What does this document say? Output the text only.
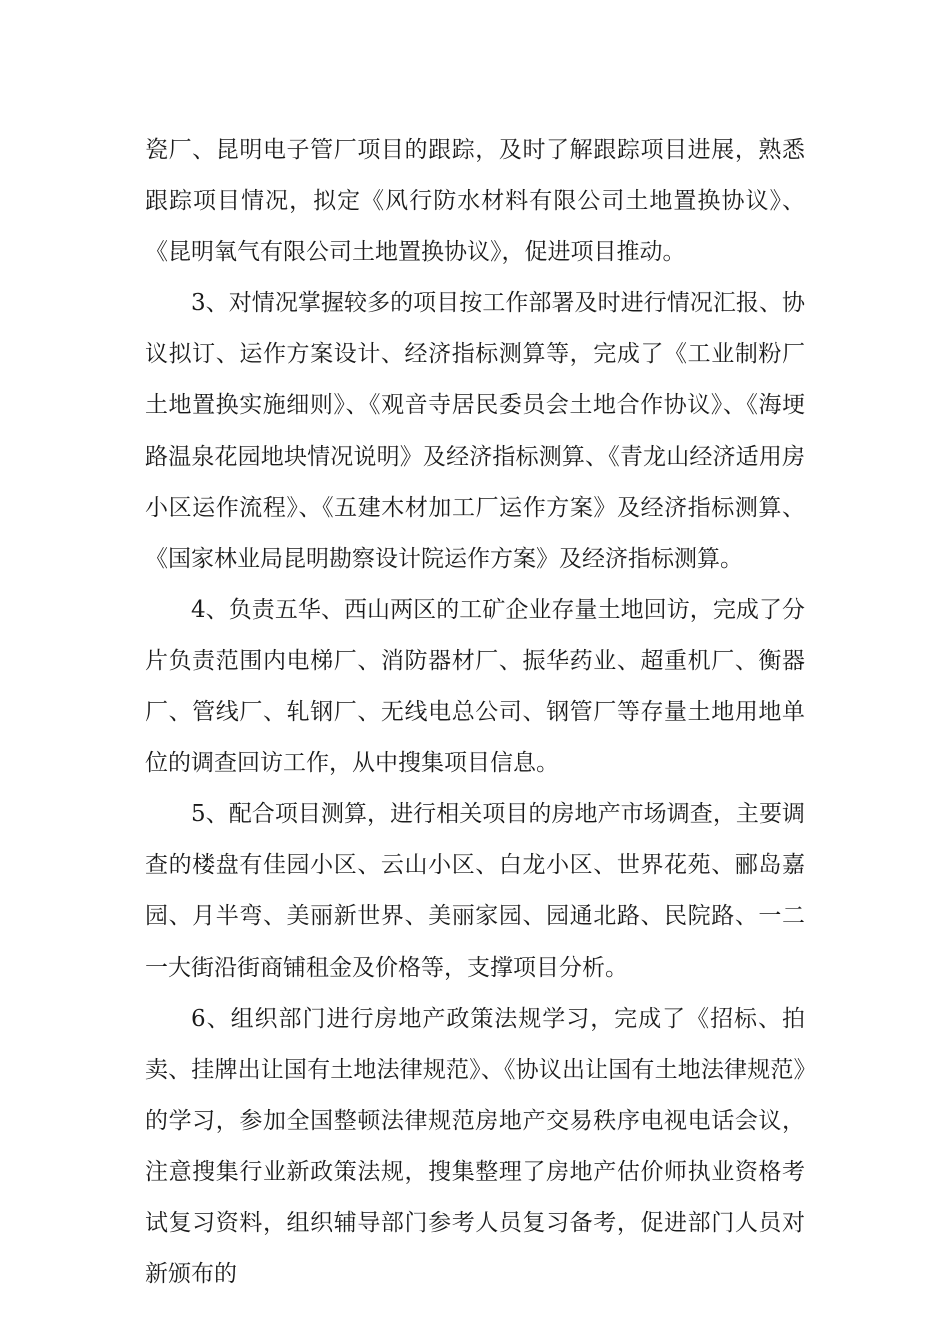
瓷厂、昆明电子管厂项目的跟踪，及时了解跟踪项目进展，熟悉跟踪项目情况，拟定《风行防水材料有限公司土地置换协议》、《昆明氧气有限公司土地置换协议》，促进项目推动。

3、对情况掌握较多的项目按工作部署及时进行情况汇报、协议拟订、运作方案设计、经济指标测算等，完成了《工业制粉厂土地置换实施细则》、《观音寺居民委员会土地合作协议》、《海埂路温泉花园地块情况说明》及经济指标测算、《青龙山经济适用房小区运作流程》、《五建木材加工厂运作方案》及经济指标测算、《国家林业局昆明勘察设计院运作方案》及经济指标测算。

4、负责五华、西山两区的工矿企业存量土地回访，完成了分片负责范围内电梯厂、消防器材厂、振华药业、超重机厂、衡器厂、管线厂、轧钢厂、无线电总公司、钢管厂等存量土地用地单位的调查回访工作，从中搜集项目信息。

5、配合项目测算，进行相关项目的房地产市场调查，主要调查的楼盘有佳园小区、云山小区、白龙小区、世界花苑、郦岛嘉园、月半弯、美丽新世界、美丽家园、园通北路、民院路、一二一大街沿街商铺租金及价格等，支撑项目分析。

6、组织部门进行房地产政策法规学习，完成了《招标、拍卖、挂牌出让国有土地法律规范》、《协议出让国有土地法律规范》的学习，参加全国整顿法律规范房地产交易秩序电视电话会议，注意搜集行业新政策法规，搜集整理了房地产估价师执业资格考试复习资料，组织辅导部门参考人员复习备考，促进部门人员对新颁布的
